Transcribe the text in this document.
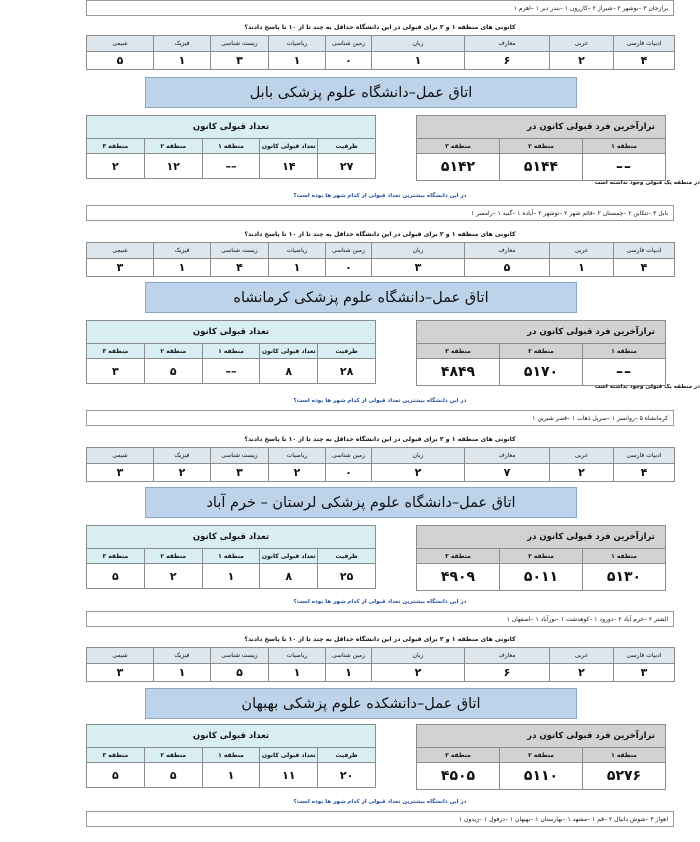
برازجان ۳ –بوشهر ۲ –شیراز ۲ –کازرون ۱ –بندر دیر ۱ –اهرم ۱
کانونی های منطقه ۱ و ۲ برای قبولی در این دانشگاه حداقل به چند تا از ۱۰ تا پاسخ دادند؟
شیمی	فیزیک	زیست شناسی	ریاضیات	زمین شناسی	زبان	معارف	عربی	ادبیات فارسی
۵	۱	۳	۱	۰	۱	۶	۲	۴
اتاق عمل–دانشگاه علوم پزشکی بابل
تعداد قبولی کانون				
منطقه ۳	منطقه ۲	منطقه ۱	تعداد قبولی کانون	ظرفیت
۲	۱۲	––	۱۴	۲۷
ترازآخرین فرد قبولی کانون در		
منطقه ۳	منطقه ۲	منطقه ۱
۵۱۴۲	۵۱۴۴	––
در منطقه یک قبولی وجود نداشته است
در این دانشگاه بیشترین تعداد قبولی از کدام شهر ها بوده است؟
بابل ۳ –تنکابن ۲ –چمستان ۲ –قائم شهر ۲ –نوشهر ۲ –آباده ۱ –گنبد ۱ –رامسر ۱
کانونی های منطقه ۱ و ۲ برای قبولی در این دانشگاه حداقل به چند تا از ۱۰ تا پاسخ دادند؟
شیمی	فیزیک	زیست شناسی	ریاضیات	زمین شناسی	زبان	معارف	عربی	ادبیات فارسی
۳	۱	۴	۱	۰	۳	۵	۱	۴
اتاق عمل–دانشگاه علوم پزشکی کرمانشاه
تعداد قبولی کانون				
منطقه ۳	منطقه ۲	منطقه ۱	تعداد قبولی کانون	ظرفیت
۳	۵	––	۸	۲۸
ترازآخرین فرد قبولی کانون در		
منطقه ۳	منطقه ۲	منطقه ۱
۴۸۴۹	۵۱۷۰	––
در منطقه یک قبولی وجود نداشته است
در این دانشگاه بیشترین تعداد قبولی از کدام شهر ها بوده است؟
کرمانشاه ۵ –روانسر ۱ –سرپل ذهاب ۱ –قصر شیرین ۱
کانونی های منطقه ۱ و ۲ برای قبولی در این دانشگاه حداقل به چند تا از ۱۰ تا پاسخ دادند؟
شیمی	فیزیک	زیست شناسی	ریاضیات	زمین شناسی	زبان	معارف	عربی	ادبیات فارسی
۳	۲	۳	۲	۰	۲	۷	۲	۴
اتاق عمل–دانشگاه علوم پزشکی لرستان – خرم آباد
تعداد قبولی کانون				
منطقه ۳	منطقه ۲	منطقه ۱	تعداد قبولی کانون	ظرفیت
۵	۲	۱	۸	۲۵
ترازآخرین فرد قبولی کانون در		
منطقه ۳	منطقه ۲	منطقه ۱
۴۹۰۹	۵۰۱۱	۵۱۳۰
در این دانشگاه بیشترین تعداد قبولی از کدام شهر ها بوده است؟
الشتر ۲ –خرم آباد ۲ –دورود ۱ –کوهدشت ۱ –نورآباد ۱ –اصفهان ۱
کانونی های منطقه ۱ و ۲ برای قبولی در این دانشگاه حداقل به چند تا از ۱۰ تا پاسخ دادند؟
شیمی	فیزیک	زیست شناسی	ریاضیات	زمین شناسی	زبان	معارف	عربی	ادبیات فارسی
۳	۱	۵	۱	۱	۲	۶	۲	۳
اتاق عمل–دانشکده علوم پزشکی بهبهان
تعداد قبولی کانون				
منطقه ۳	منطقه ۲	منطقه ۱	تعداد قبولی کانون	ظرفیت
۵	۵	۱	۱۱	۲۰
ترازآخرین فرد قبولی کانون در		
منطقه ۳	منطقه ۲	منطقه ۱
۴۵۰۵	۵۱۱۰	۵۲۷۶
در این دانشگاه بیشترین تعداد قبولی از کدام شهر ها بوده است؟
اهواز ۳ –شوش دانیال ۲ –قم ۱ –مشهد ۱ –بهارستان ۱ –بهبهان ۱ –دزفول ۱ –زیدون ۱
